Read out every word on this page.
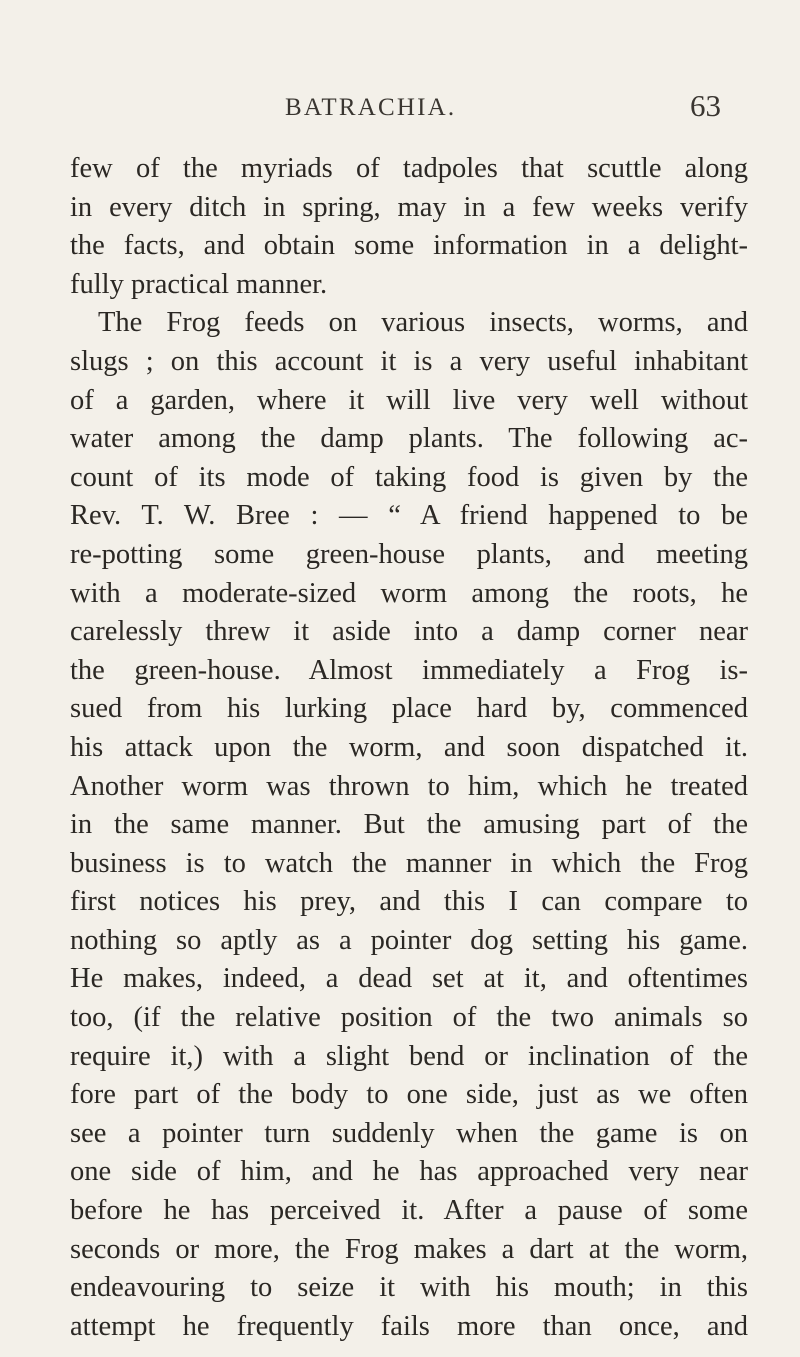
BATRACHIA.	63
few of the myriads of tadpoles that scuttle along
in every ditch in spring, may in a few weeks verify
the facts, and obtain some information in a delight-
fully practical manner.
The Frog feeds on various insects, worms, and
slugs ; on this account it is a very useful inhabitant
of a garden, where it will live very well without
water among the damp plants. The following ac-
count of its mode of taking food is given by the
Rev. T. W. Bree : — “ A friend happened to be
re-potting some green-house plants, and meeting
with a moderate-sized worm among the roots, he
carelessly threw it aside into a damp corner near
the green-house. Almost immediately a Frog is-
sued from his lurking place hard by, commenced
his attack upon the worm, and soon dispatched it.
Another worm was thrown to him, which he treated
in the same manner. But the amusing part of the
business is to watch the manner in which the Frog
first notices his prey, and this I can compare to
nothing so aptly as a pointer dog setting his game.
He makes, indeed, a dead set at it, and oftentimes
too, (if the relative position of the two animals so
require it,) with a slight bend or inclination of the
fore part of the body to one side, just as we often
see a pointer turn suddenly when the game is on
one side of him, and he has approached very near
before he has perceived it. After a pause of some
seconds or more, the Frog makes a dart at the worm,
endeavouring to seize it with his mouth; in this
attempt he frequently fails more than once, and
